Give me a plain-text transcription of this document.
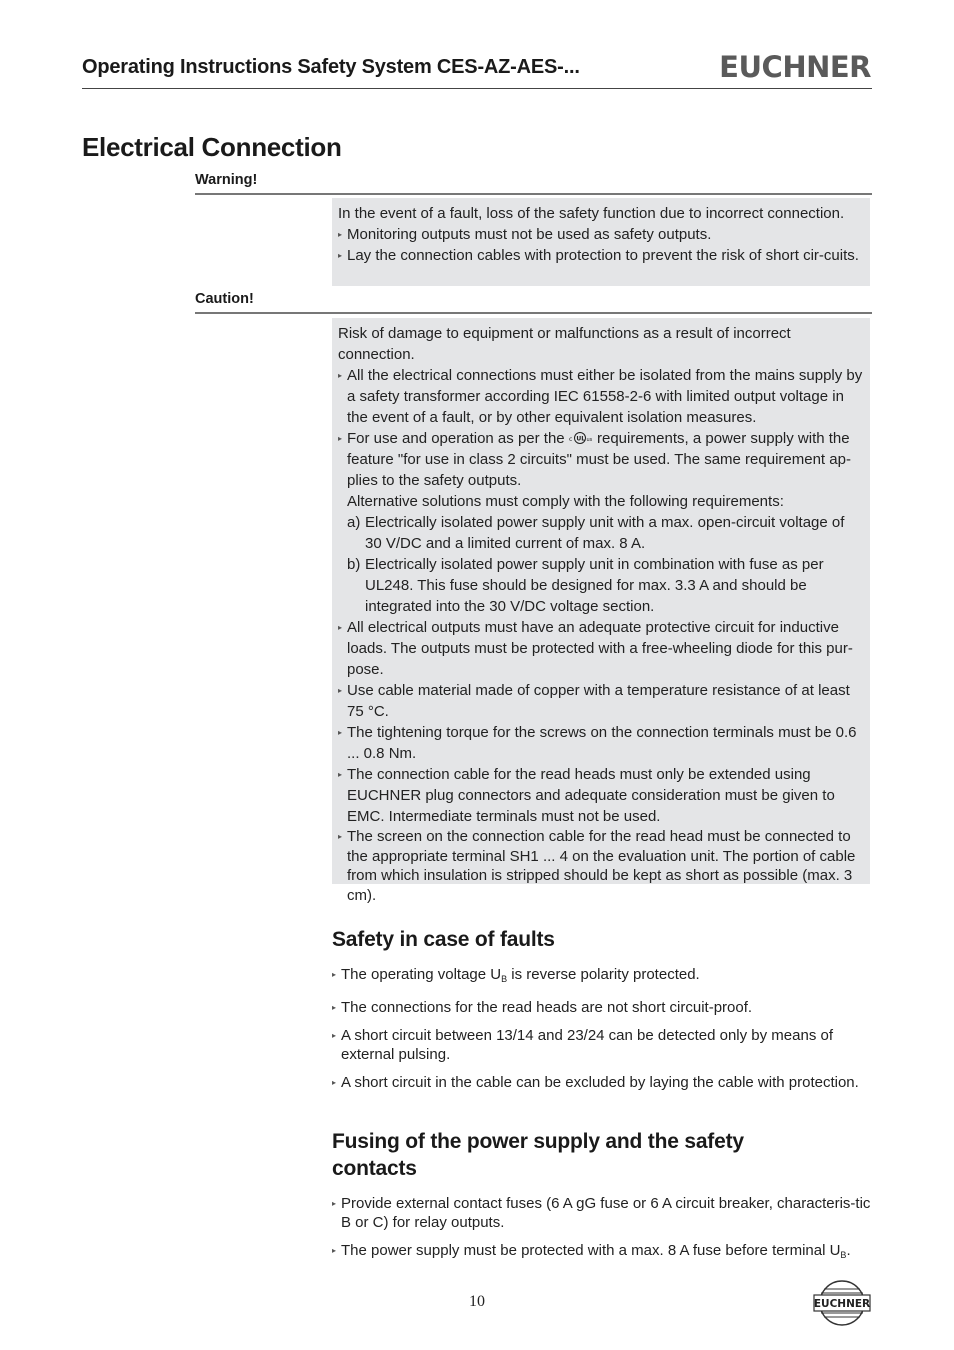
Operating Instructions Safety System CES-AZ-AES-...	EUCHNER
Electrical Connection
Warning!

In the event of a fault, loss of the safety function due to incorrect connection.

▸ Monitoring outputs must not be used as safety outputs.

▸ Lay the connection cables with protection to prevent the risk of short cir-cuits.

Caution!

Risk of damage to equipment or malfunctions as a result of incorrect connection.

▸ All the electrical connections must either be isolated from the mains supply by a safety transformer according IEC 61558-2-6 with limited output voltage in the event of a fault, or by other equivalent isolation measures.

▸ For use and operation as per the c UL us requirements, a power supply with the feature "for use in class 2 circuits" must be used. The same requirement ap-plies to the safety outputs.

Alternative solutions must comply with the following requirements:

a) Electrically isolated power supply unit with a max. open-circuit voltage of 30 V/DC and a limited current of max. 8 A.

b) Electrically isolated power supply unit in combination with fuse as per UL248. This fuse should be designed for max. 3.3 A and should be integrated into the 30 V/DC voltage section.

▸ All electrical outputs must have an adequate protective circuit for inductive loads. The outputs must be protected with a free-wheeling diode for this pur-pose.

▸ Use cable material made of copper with a temperature resistance of at least 75 °C.

▸ The tightening torque for the screws on the connection terminals must be 0.6 ... 0.8 Nm.

▸ The connection cable for the read heads must only be extended using EUCHNER plug connectors and adequate consideration must be given to EMC. Intermediate terminals must not be used.

▸ The screen on the connection cable for the read head must be connected to the appropriate terminal SH1 ... 4 on the evaluation unit. The portion of cable from which insulation is stripped should be kept as short as possible (max. 3 cm).

Safety in case of faults

▸ The operating voltage $U_B$ is reverse polarity protected.

▸ The connections for the read heads are not short circuit-proof.

▸ A short circuit between 13/14 and 23/24 can be detected only by means of external pulsing.

▸ A short circuit in the cable can be excluded by laying the cable with protection.

Fusing of the power supply and the safety contacts

▸ Provide external contact fuses (6 A gG fuse or 6 A circuit breaker, characteris-tic B or C) for relay outputs.

▸ The power supply must be protected with a max. 8 A fuse before terminal $U_B$.

10	EUCHNER
